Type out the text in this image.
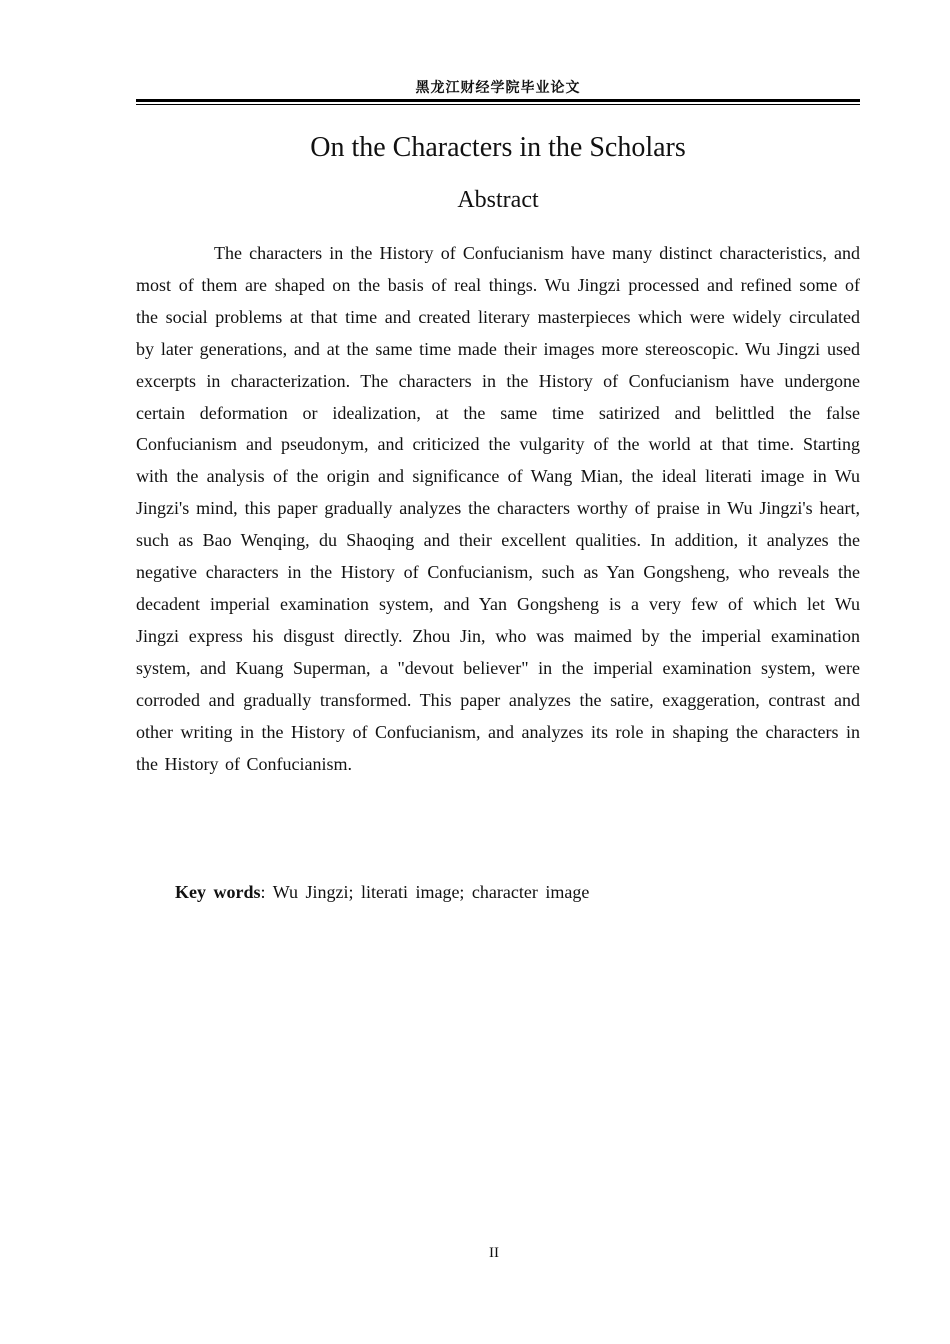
黑龙江财经学院毕业论文
On the Characters in the Scholars
Abstract

The characters in the History of Confucianism have many distinct characteristics, and most of them are shaped on the basis of real things. Wu Jingzi processed and refined some of the social problems at that time and created literary masterpieces which were widely circulated by later generations, and at the same time made their images more stereoscopic. Wu Jingzi used excerpts in characterization. The characters in the History of Confucianism have undergone certain deformation or idealization, at the same time satirized and belittled the false Confucianism and pseudonym, and criticized the vulgarity of the world at that time. Starting with the analysis of the origin and significance of Wang Mian, the ideal literati image in Wu Jingzi's mind, this paper gradually analyzes the characters worthy of praise in Wu Jingzi's heart, such as Bao Wenqing, du Shaoqing and their excellent qualities. In addition, it analyzes the negative characters in the History of Confucianism, such as Yan Gongsheng, who reveals the decadent imperial examination system, and Yan Gongsheng is a very few of which let Wu Jingzi express his disgust directly. Zhou Jin, who was maimed by the imperial examination system, and Kuang Superman, a "devout believer" in the imperial examination system, were corroded and gradually transformed. This paper analyzes the satire, exaggeration, contrast and other writing in the History of Confucianism, and analyzes its role in shaping the characters in the History of Confucianism.

Key words: Wu Jingzi; literati image; character image

II
